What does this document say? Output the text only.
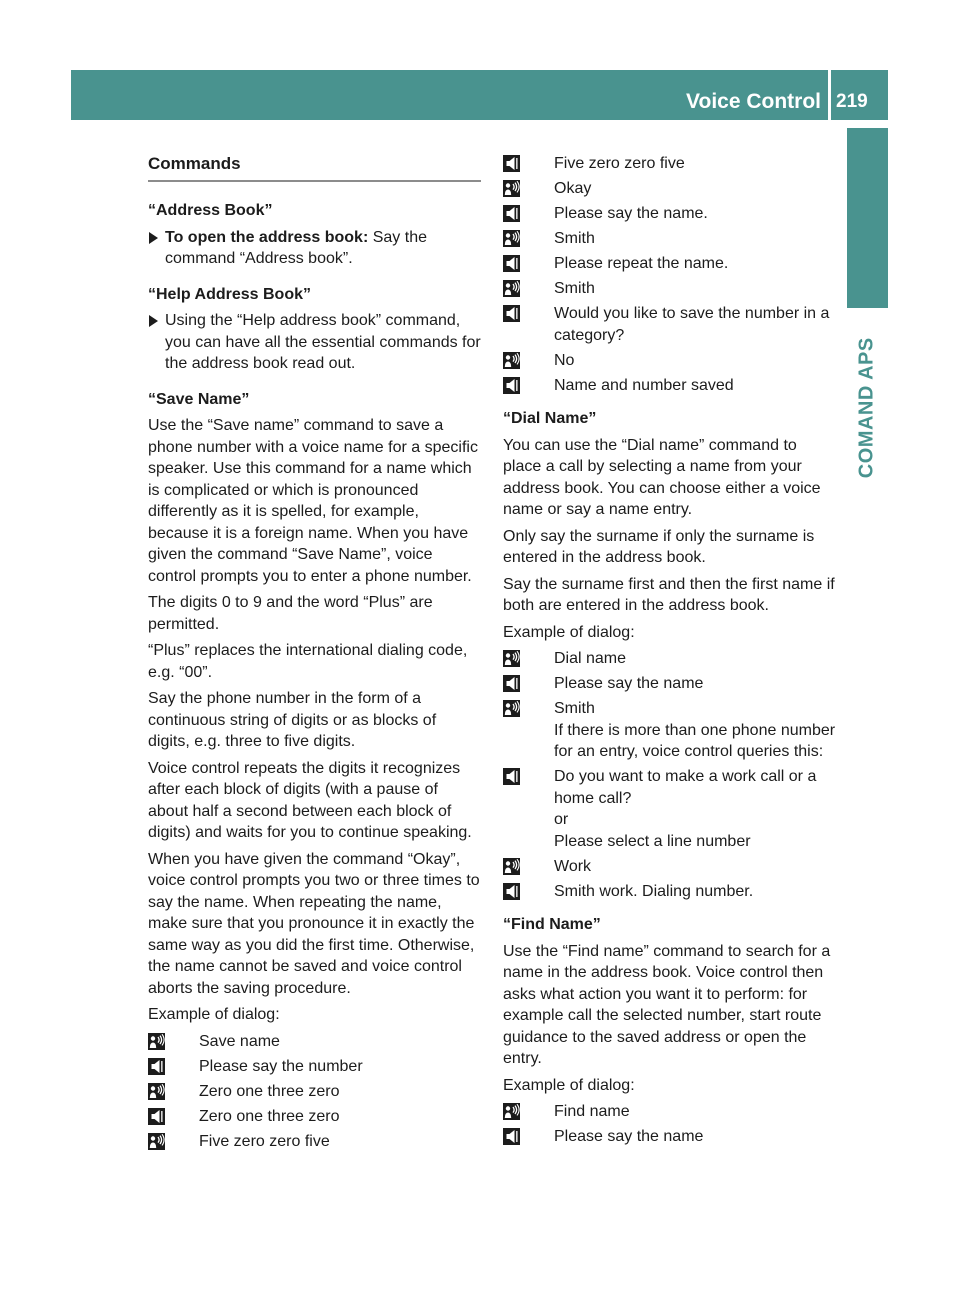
Voice Control 219
COMAND APS
Commands
“Address Book”
To open the address book: Say the command “Address book”.
“Help Address Book”
Using the “Help address book” command, you can have all the essential commands for the address book read out.
“Save Name”

Use the “Save name” command to save a phone number with a voice name for a specific speaker. Use this command for a name which is complicated or which is pronounced differently as it is spelled, for example, because it is a foreign name. When you have given the command “Save Name”, voice control prompts you to enter a phone number.

The digits 0 to 9 and the word “Plus” are permitted.

“Plus” replaces the international dialing code, e.g. “00”.

Say the phone number in the form of a continuous string of digits or as blocks of digits, e.g. three to five digits.

Voice control repeats the digits it recognizes after each block of digits (with a pause of about half a second between each block of digits) and waits for you to continue speaking.

When you have given the command “Okay”, voice control prompts you two or three times to say the name. When repeating the name, make sure that you pronounce it in exactly the same way as you did the first time. Otherwise, the name cannot be saved and voice control aborts the saving procedure.

Example of dialog:

Save name
Please say the number
Zero one three zero
Zero one three zero
Five zero zero five
Five zero zero five
Okay
Please say the name.
Smith
Please repeat the name.
Smith
Would you like to save the number in a category?
No
Name and number saved
“Dial Name”

You can use the “Dial name” command to place a call by selecting a name from your address book. You can choose either a voice name or say a name entry.

Only say the surname if only the surname is entered in the address book.

Say the surname first and then the first name if both are entered in the address book.

Example of dialog:

Dial name
Please say the name
Smith
If there is more than one phone number for an entry, voice control queries this:
Do you want to make a work call or a home call?
or
Please select a line number
Work
Smith work. Dialing number.
“Find Name”

Use the “Find name” command to search for a name in the address book. Voice control then asks what action you want it to perform: for example call the selected number, start route guidance to the saved address or open the entry.

Example of dialog:

Find name
Please say the name
